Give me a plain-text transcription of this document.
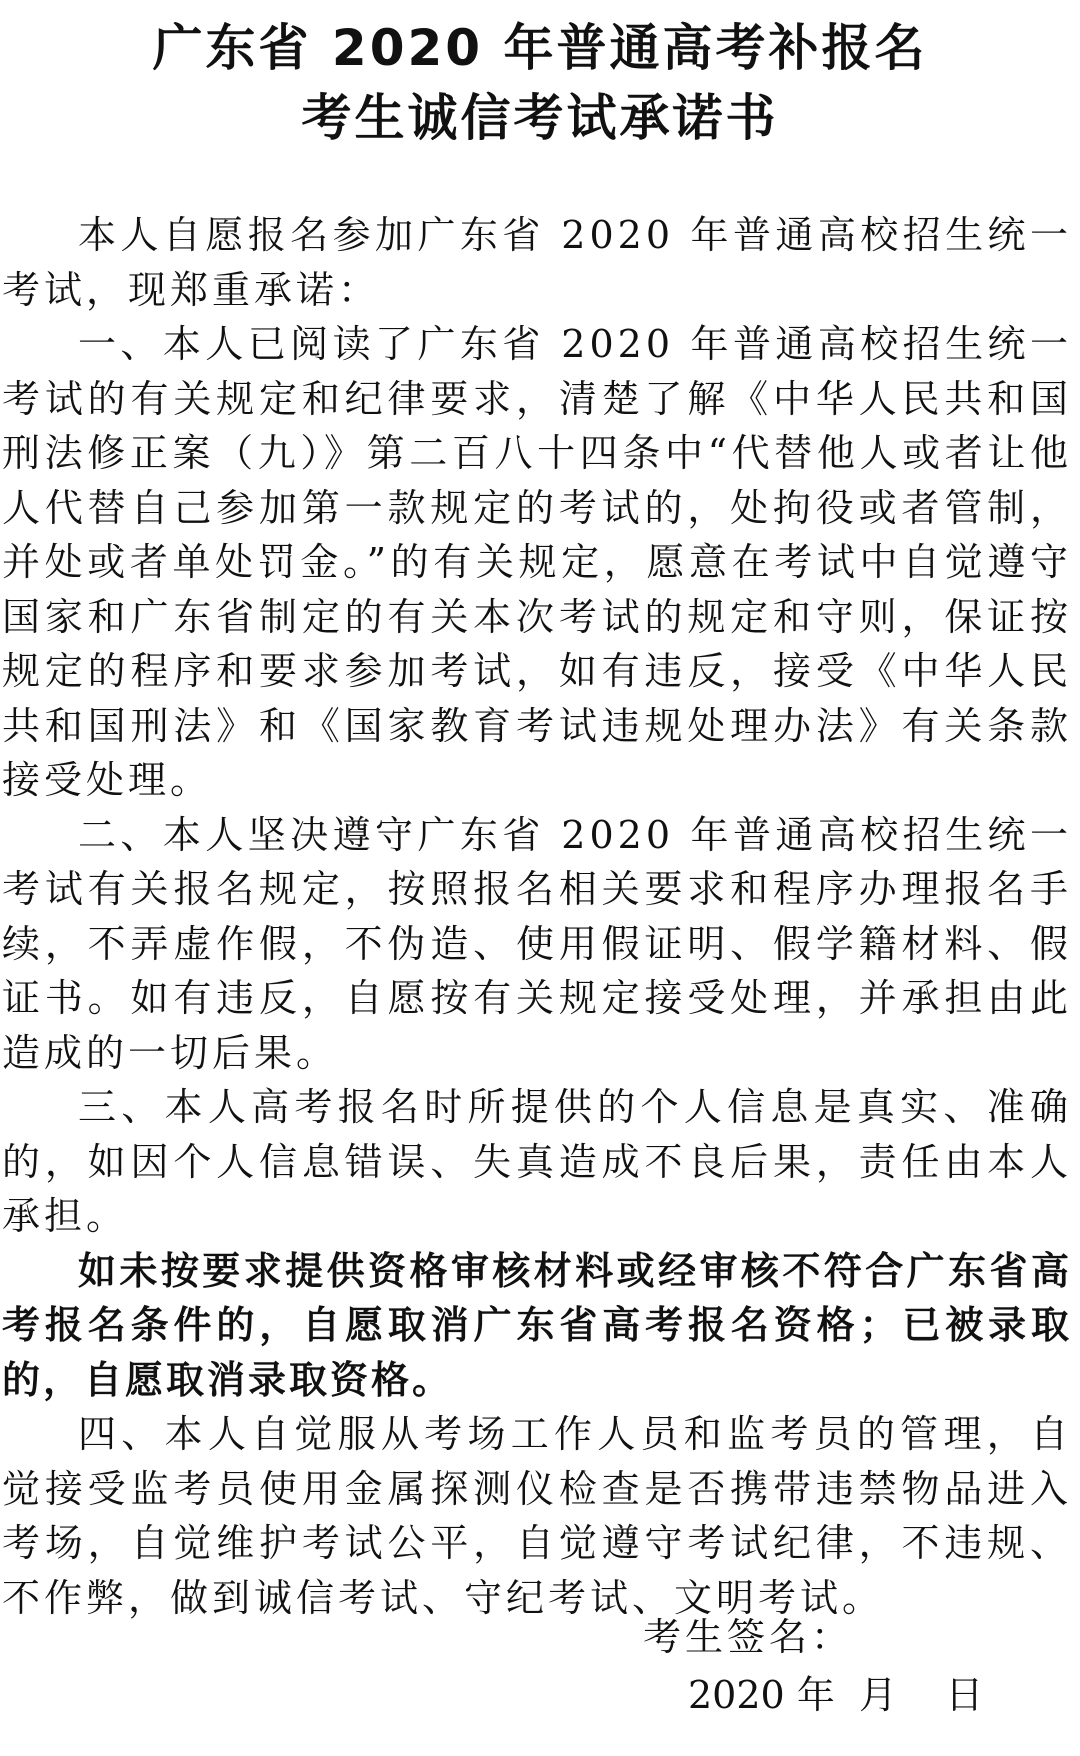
广东省 2020 年普通高考补报名
考生诚信考试承诺书

本人自愿报名参加广东省 2020 年普通高校招生统一考试，现郑重承诺：

一、本人已阅读了广东省 2020 年普通高校招生统一考试的有关规定和纪律要求，清楚了解《中华人民共和国刑法修正案（九）》第二百八十四条中“代替他人或者让他人代替自己参加第一款规定的考试的，处拘役或者管制，并处或者单处罚金。”的有关规定，愿意在考试中自觉遵守国家和广东省制定的有关本次考试的规定和守则，保证按规定的程序和要求参加考试，如有违反，接受《中华人民共和国刑法》和《国家教育考试违规处理办法》有关条款接受处理。

二、本人坚决遵守广东省 2020 年普通高校招生统一考试有关报名规定，按照报名相关要求和程序办理报名手续，不弄虚作假，不伪造、使用假证明、假学籍材料、假证书。如有违反，自愿按有关规定接受处理，并承担由此造成的一切后果。

三、本人高考报名时所提供的个人信息是真实、准确的，如因个人信息错误、失真造成不良后果，责任由本人承担。

如未按要求提供资格审核材料或经审核不符合广东省高考报名条件的，自愿取消广东省高考报名资格；已被录取的，自愿取消录取资格。

四、本人自觉服从考场工作人员和监考员的管理，自觉接受监考员使用金属探测仪检查是否携带违禁物品进入考场，自觉维护考试公平，自觉遵守考试纪律，不违规、不作弊，做到诚信考试、守纪考试、文明考试。

考生签名：
2020 年 月 日
